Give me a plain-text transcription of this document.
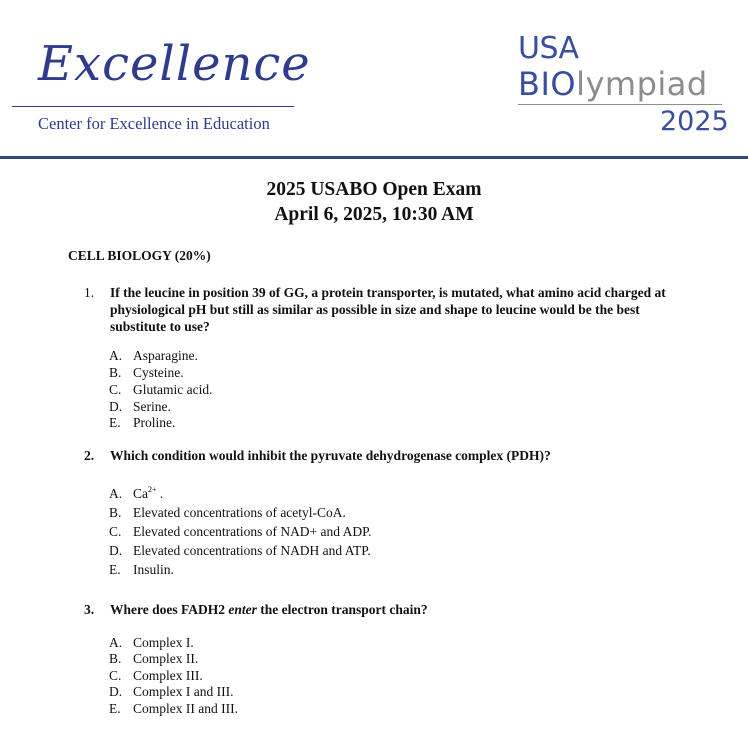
Excellence
Center for Excellence in Education
USA
BIOlympiad
2025
2025 USABO Open Exam
April 6, 2025, 10:30 AM
CELL BIOLOGY (20%)
1. If the leucine in position 39 of GG, a protein transporter, is mutated, what amino acid charged at physiological pH but still as similar as possible in size and shape to leucine would be the best substitute to use?
A. Asparagine.
B. Cysteine.
C. Glutamic acid.
D. Serine.
E. Proline.
2. Which condition would inhibit the pyruvate dehydrogenase complex (PDH)?
A. $Ca^{2+}$ .
B. Elevated concentrations of acetyl-CoA.
C. Elevated concentrations of NAD+ and ADP.
D. Elevated concentrations of NADH and ATP.
E. Insulin.
3. Where does FADH2 enter the electron transport chain?
A. Complex I.
B. Complex II.
C. Complex III.
D. Complex I and III.
E. Complex II and III.
